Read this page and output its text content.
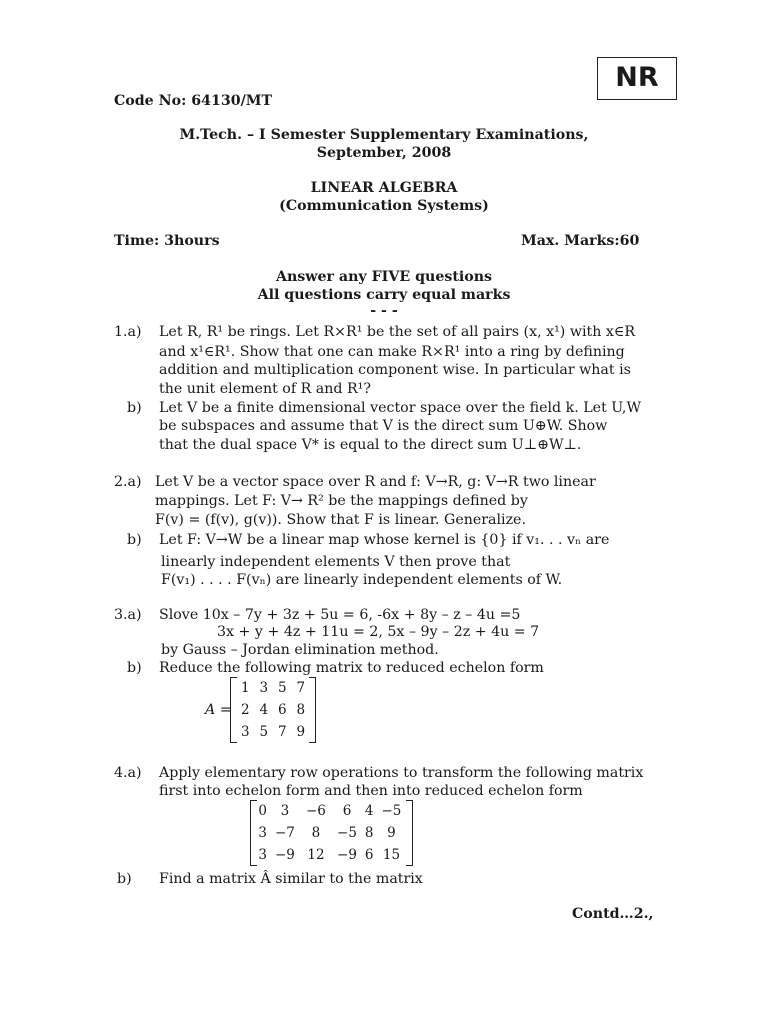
NR
Code No: 64130/MT
M.Tech. – I Semester Supplementary Examinations,
September, 2008
LINEAR ALGEBRA
(Communication Systems)
Time: 3hours	Max. Marks:60
Answer any FIVE questions
All questions carry equal marks
- - -
1.a) Let R, R¹ be rings. Let R×R¹ be the set of all pairs (x, x¹) with x∈R
and x¹∈R¹. Show that one can make R×R¹ into a ring by defining
addition and multiplication component wise. In particular what is
the unit element of R and R¹?
b) Let V be a finite dimensional vector space over the field k. Let U,W
be subspaces and assume that V is the direct sum U⊕W. Show
that the dual space V* is equal to the direct sum U⊥⊕W⊥.
2.a) Let V be a vector space over R and f: V→R, g: V→R two linear
mappings. Let F: V→ R² be the mappings defined by
F(v) = (f(v), g(v)). Show that F is linear. Generalize.
b) Let F: V→W be a linear map whose kernel is {0} if v₁. . . vₙ are
linearly independent elements V then prove that
F(v₁) . . . . F(vₙ) are linearly independent elements of W.
3.a) Slove 10x – 7y + 3z + 5u = 6, -6x + 8y – z – 4u =5
3x + y + 4z + 11u = 2, 5x – 9y – 2z + 4u = 7
by Gauss – Jordan elimination method.
b) Reduce the following matrix to reduced echelon form
A =
1	3	5	7
2	4	6	8
3	5	7	9
4.a) Apply elementary row operations to transform the following matrix
first into echelon form and then into reduced echelon form
0	3	−6	6	4	−5
3	−7	8	−5	8	9
3	−9	12	−9	6	15
b) Find a matrix Â similar to the matrix
Contd…2.,
